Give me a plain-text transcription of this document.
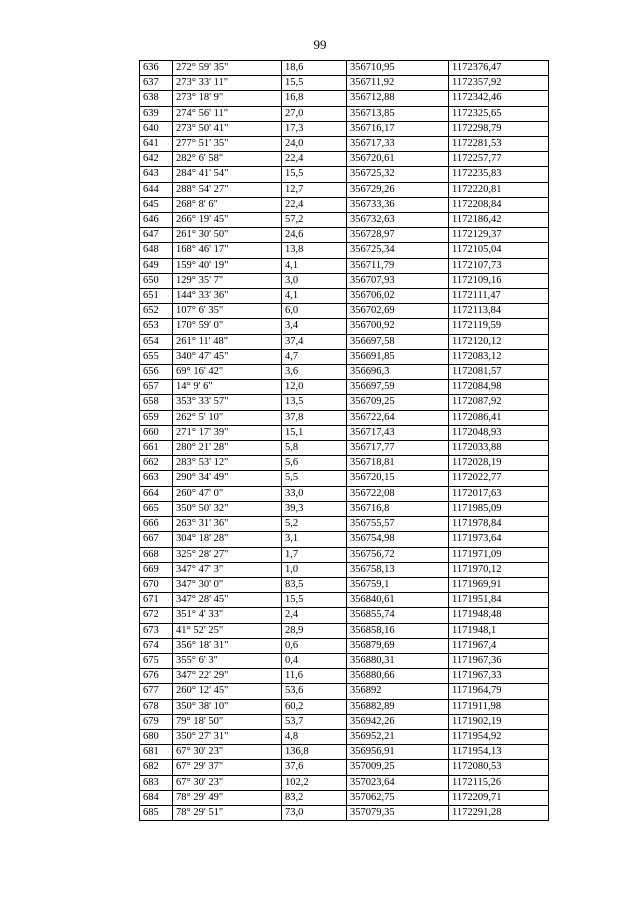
99
636	272° 59' 35"	18,6	356710,95	1172376,47
637	273° 33' 11"	15,5	356711,92	1172357,92
638	273° 18' 9"	16,8	356712,88	1172342,46
639	274° 56' 11"	27,0	356713,85	1172325,65
640	273° 50' 41"	17,3	356716,17	1172298,79
641	277° 51' 35"	24,0	356717,33	1172281,53
642	282° 6' 58"	22,4	356720,61	1172257,77
643	284° 41' 54"	15,5	356725,32	1172235,83
644	288° 54' 27"	12,7	356729,26	1172220,81
645	268° 8' 6"	22,4	356733,36	1172208,84
646	266° 19' 45"	57,2	356732,63	1172186,42
647	261° 30' 50"	24,6	356728,97	1172129,37
648	168° 46' 17"	13,8	356725,34	1172105,04
649	159° 40' 19"	4,1	356711,79	1172107,73
650	129° 35' 7"	3,0	356707,93	1172109,16
651	144° 33' 36"	4,1	356706,02	1172111,47
652	107° 6' 35"	6,0	356702,69	1172113,84
653	170° 59' 0"	3,4	356700,92	1172119,59
654	261° 11' 48"	37,4	356697,58	1172120,12
655	340° 47' 45"	4,7	356691,85	1172083,12
656	69° 16' 42"	3,6	356696,3	1172081,57
657	14° 9' 6"	12,0	356697,59	1172084,98
658	353° 33' 57"	13,5	356709,25	1172087,92
659	262° 5' 10"	37,8	356722,64	1172086,41
660	271° 17' 39"	15,1	356717,43	1172048,93
661	280° 21' 28"	5,8	356717,77	1172033,88
662	283° 53' 12"	5,6	356718,81	1172028,19
663	290° 34' 49"	5,5	356720,15	1172022,77
664	260° 47' 0"	33,0	356722,08	1172017,63
665	350° 50' 32"	39,3	356716,8	1171985,09
666	263° 31' 36"	5,2	356755,57	1171978,84
667	304° 18' 28"	3,1	356754,98	1171973,64
668	325° 28' 27"	1,7	356756,72	1171971,09
669	347° 47' 3"	1,0	356758,13	1171970,12
670	347° 30' 0"	83,5	356759,1	1171969,91
671	347° 28' 45"	15,5	356840,61	1171951,84
672	351° 4' 33"	2,4	356855,74	1171948,48
673	41° 52' 25"	28,9	356858,16	1171948,1
674	356° 18' 31"	0,6	356879,69	1171967,4
675	355° 6' 3"	0,4	356880,31	1171967,36
676	347° 22' 29"	11,6	356880,66	1171967,33
677	260° 12' 45"	53,6	356892	1171964,79
678	350° 38' 10"	60,2	356882,89	1171911,98
679	79° 18' 50"	53,7	356942,26	1171902,19
680	350° 27' 31"	4,8	356952,21	1171954,92
681	67° 30' 23"	136,8	356956,91	1171954,13
682	67° 29' 37"	37,6	357009,25	1172080,53
683	67° 30' 23"	102,2	357023,64	1172115,26
684	78° 29' 49"	83,2	357062,75	1172209,71
685	78° 29' 51"	73,0	357079,35	1172291,28
